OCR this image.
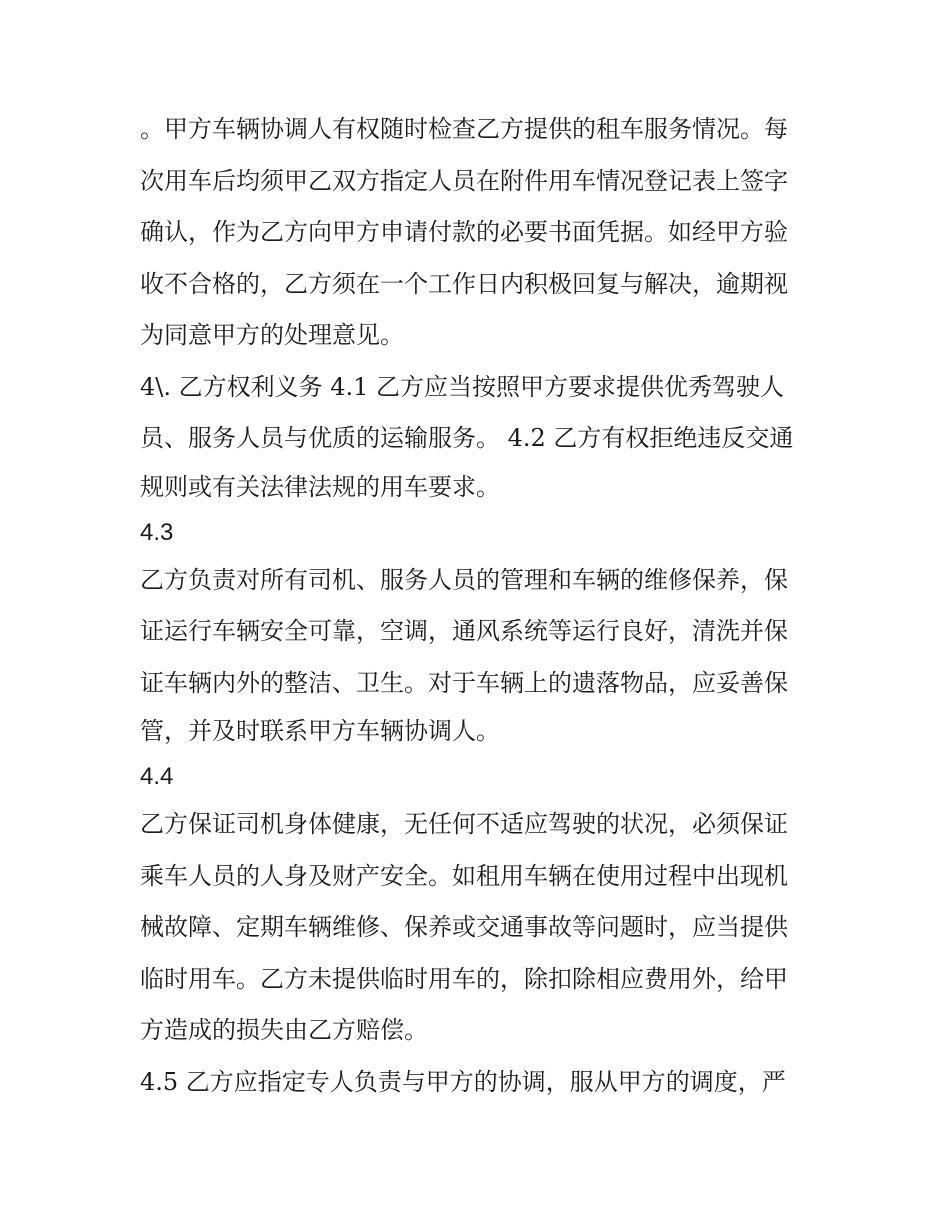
。甲方车辆协调人有权随时检查乙方提供的租车服务情况。每
次用车后均须甲乙双方指定人员在附件用车情况登记表上签字
确认，作为乙方向甲方申请付款的必要书面凭据。如经甲方验
收不合格的，乙方须在一个工作日内积极回复与解决，逾期视
为同意甲方的处理意见。
4\. 乙方权利义务 4.1 乙方应当按照甲方要求提供优秀驾驶人
员、服务人员与优质的运输服务。 4.2 乙方有权拒绝违反交通
规则或有关法律法规的用车要求。
4.3
乙方负责对所有司机、服务人员的管理和车辆的维修保养，保
证运行车辆安全可靠，空调，通风系统等运行良好，清洗并保
证车辆内外的整洁、卫生。对于车辆上的遗落物品，应妥善保
管，并及时联系甲方车辆协调人。
4.4
乙方保证司机身体健康，无任何不适应驾驶的状况，必须保证
乘车人员的人身及财产安全。如租用车辆在使用过程中出现机
械故障、定期车辆维修、保养或交通事故等问题时，应当提供
临时用车。乙方未提供临时用车的，除扣除相应费用外，给甲
方造成的损失由乙方赔偿。
4.5 乙方应指定专人负责与甲方的协调，服从甲方的调度，严
